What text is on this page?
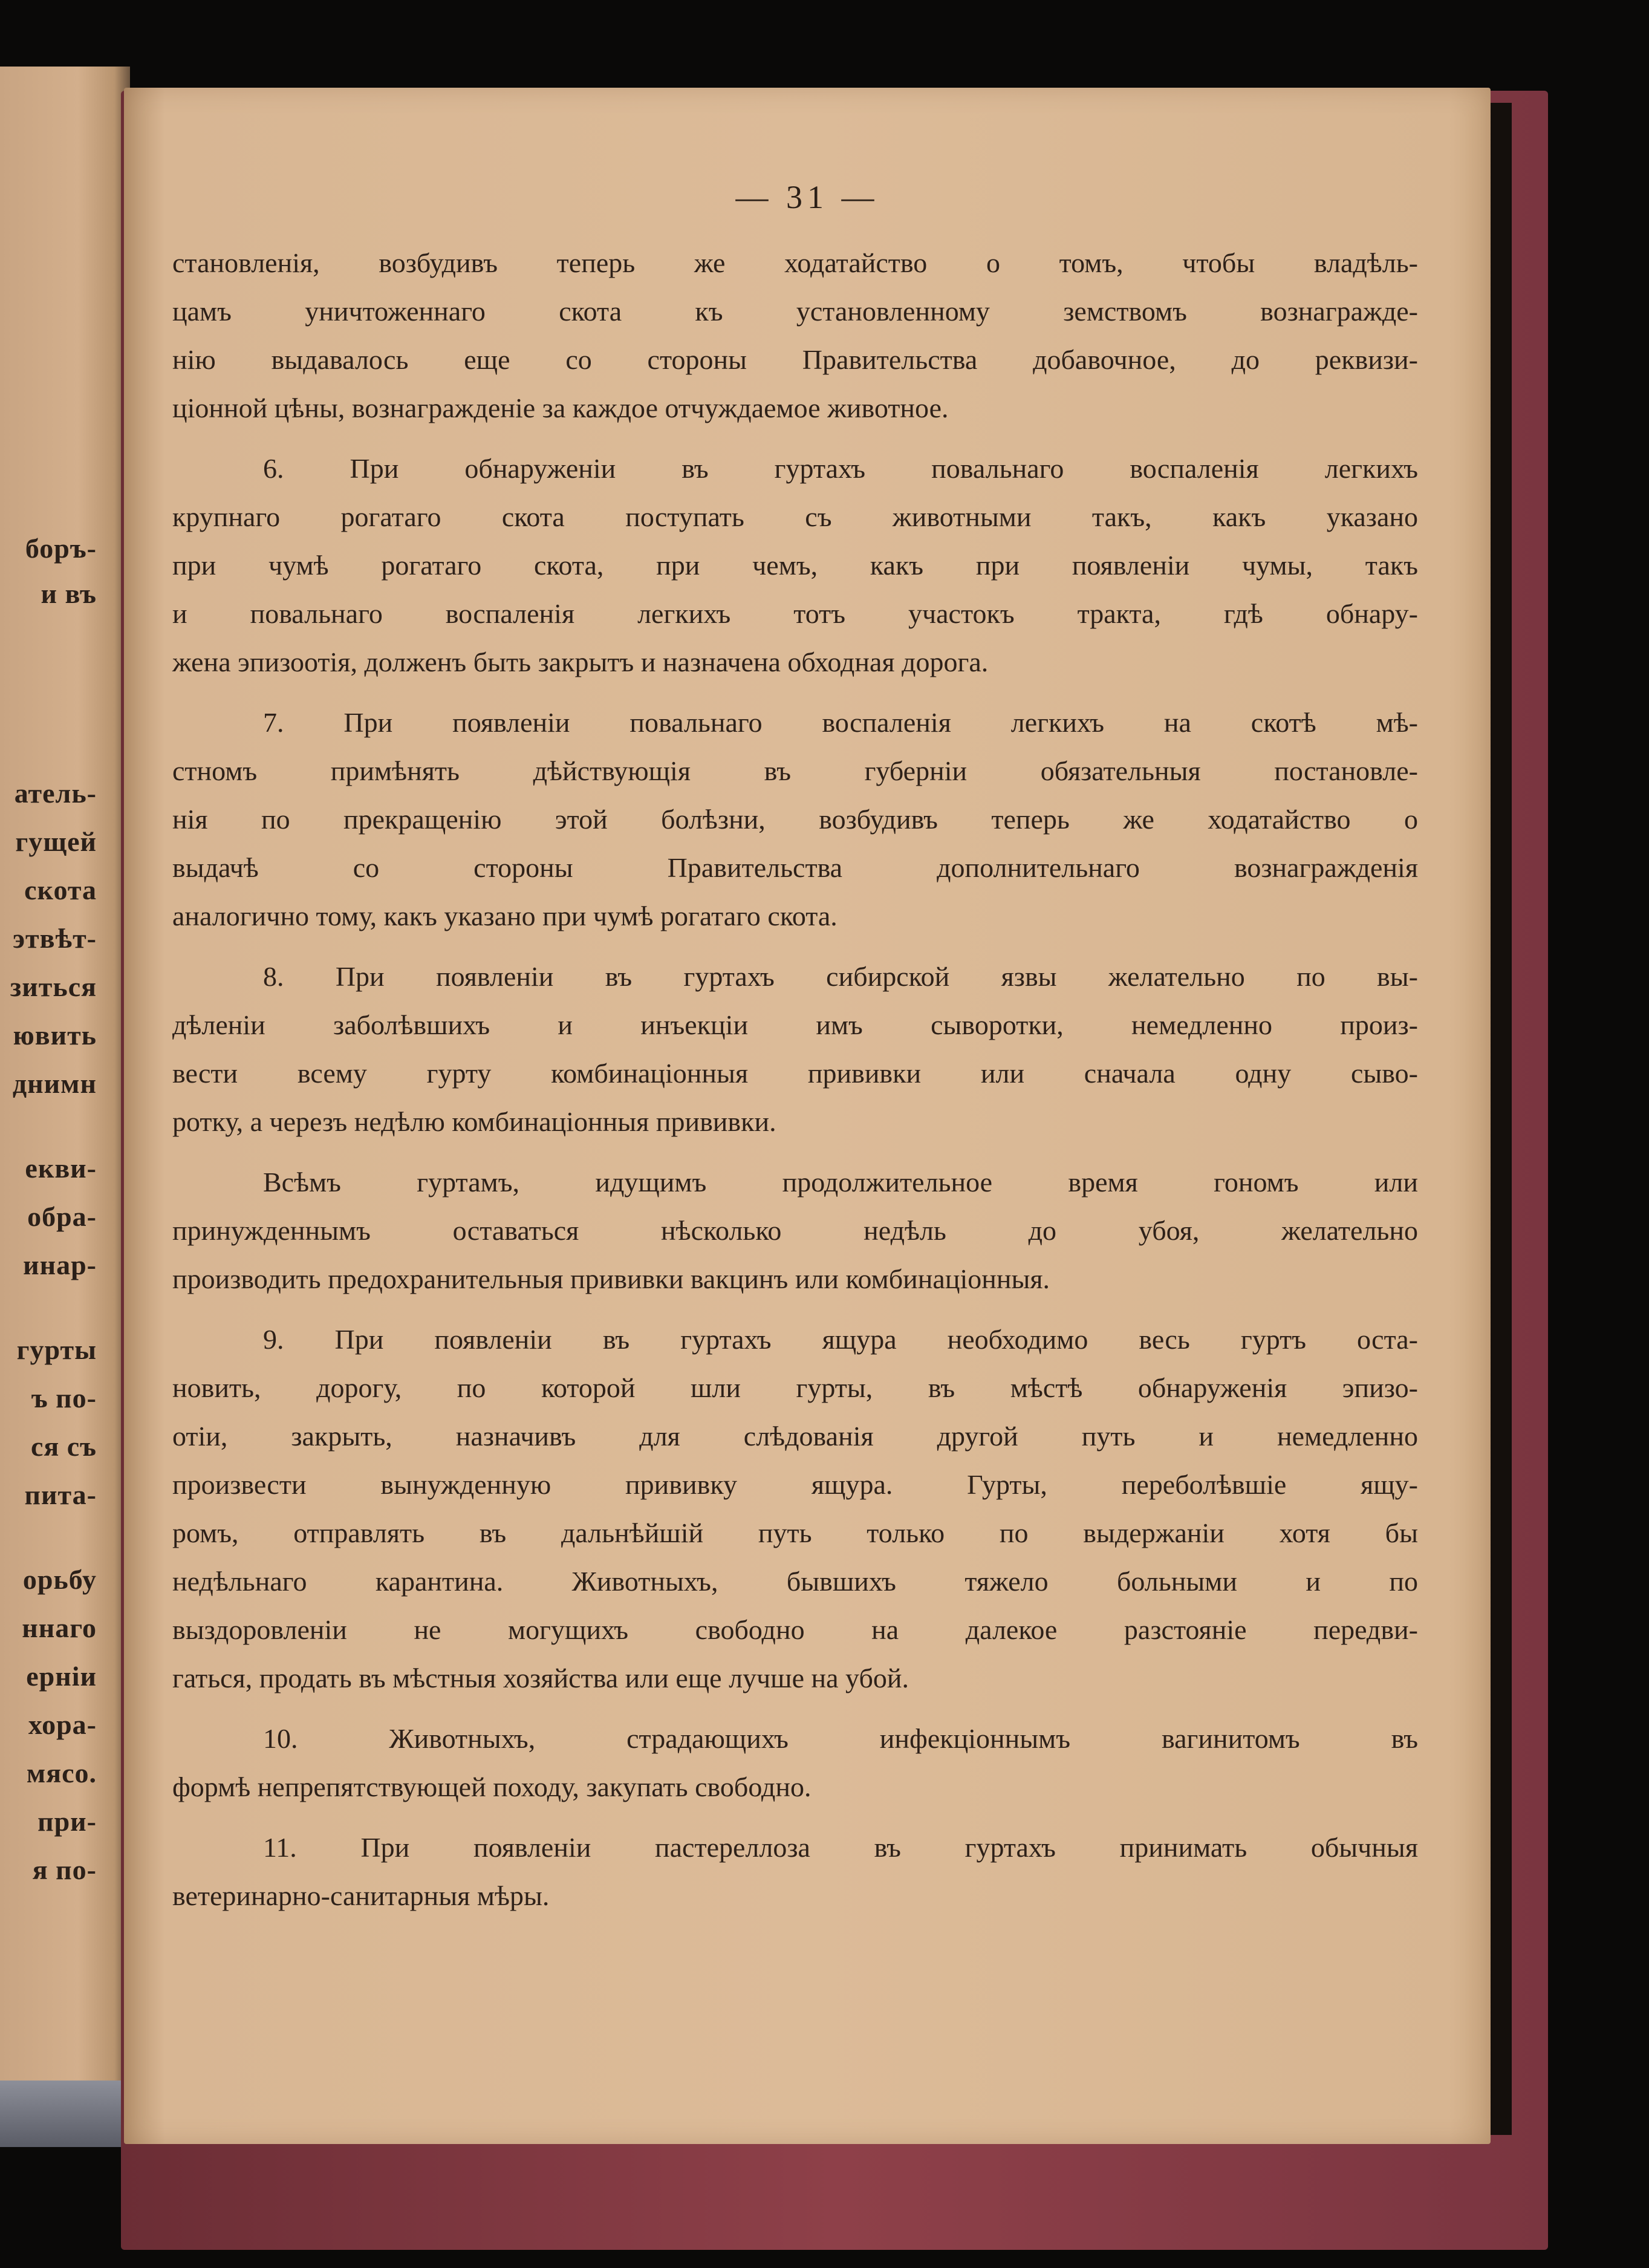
боръ-
и въ
атель-
гущей
скота
этвѣт-
зиться
ювить
днимн
екви-
обра-
инар-
гурты
ъ по-
ся съ
пита-
орьбу
ннаго
ерніи
хора-
мясо.
при-
я по-
— 31 —
становленія, возбудивъ теперь же ходатайство о томъ, чтобы владѣль-
цамъ уничтоженнаго скота къ установленному земствомъ вознагражде-
нію выдавалось еще со стороны Правительства добавочное, до реквизи-
ціонной цѣны, вознагражденіе за каждое отчуждаемое животное.
6. При обнаруженіи въ гуртахъ повальнаго воспаленія легкихъ
крупнаго рогатаго скота поступать съ животными такъ, какъ указано
при чумѣ рогатаго скота, при чемъ, какъ при появленіи чумы, такъ
и повальнаго воспаленія легкихъ тотъ участокъ тракта, гдѣ обнару-
жена эпизоотія, долженъ быть закрытъ и назначена обходная дорога.
7. При появленіи повальнаго воспаленія легкихъ на скотѣ мѣ-
стномъ примѣнять дѣйствующія въ губерніи обязательныя постановле-
нія по прекращенію этой болѣзни, возбудивъ теперь же ходатайство о
выдачѣ со стороны Правительства дополнительнаго вознагражденія
аналогично тому, какъ указано при чумѣ рогатаго скота.
8. При появленіи въ гуртахъ сибирской язвы желательно по вы-
дѣленіи заболѣвшихъ и инъекціи имъ сыворотки, немедленно произ-
вести всему гурту комбинаціонныя прививки или сначала одну сыво-
ротку, а черезъ недѣлю комбинаціонныя прививки.
Всѣмъ гуртамъ, идущимъ продолжительное время гономъ или
принужденнымъ оставаться нѣсколько недѣль до убоя, желательно
производить предохранительныя прививки вакцинъ или комбинаціонныя.
9. При появленіи въ гуртахъ ящура необходимо весь гуртъ оста-
новить, дорогу, по которой шли гурты, въ мѣстѣ обнаруженія эпизо-
отіи, закрыть, назначивъ для слѣдованія другой путь и немедленно
произвести вынужденную прививку ящура. Гурты, переболѣвшіе ящу-
ромъ, отправлять въ дальнѣйшій путь только по выдержаніи хотя бы
недѣльнаго карантина. Животныхъ, бывшихъ тяжело больными и по
выздоровленіи не могущихъ свободно на далекое разстояніе передви-
гаться, продать въ мѣстныя хозяйства или еще лучше на убой.
10. Животныхъ, страдающихъ инфекціоннымъ вагинитомъ въ
формѣ непрепятствующей походу, закупать свободно.
11. При появленіи пастереллоза въ гуртахъ принимать обычныя
ветеринарно-санитарныя мѣры.
